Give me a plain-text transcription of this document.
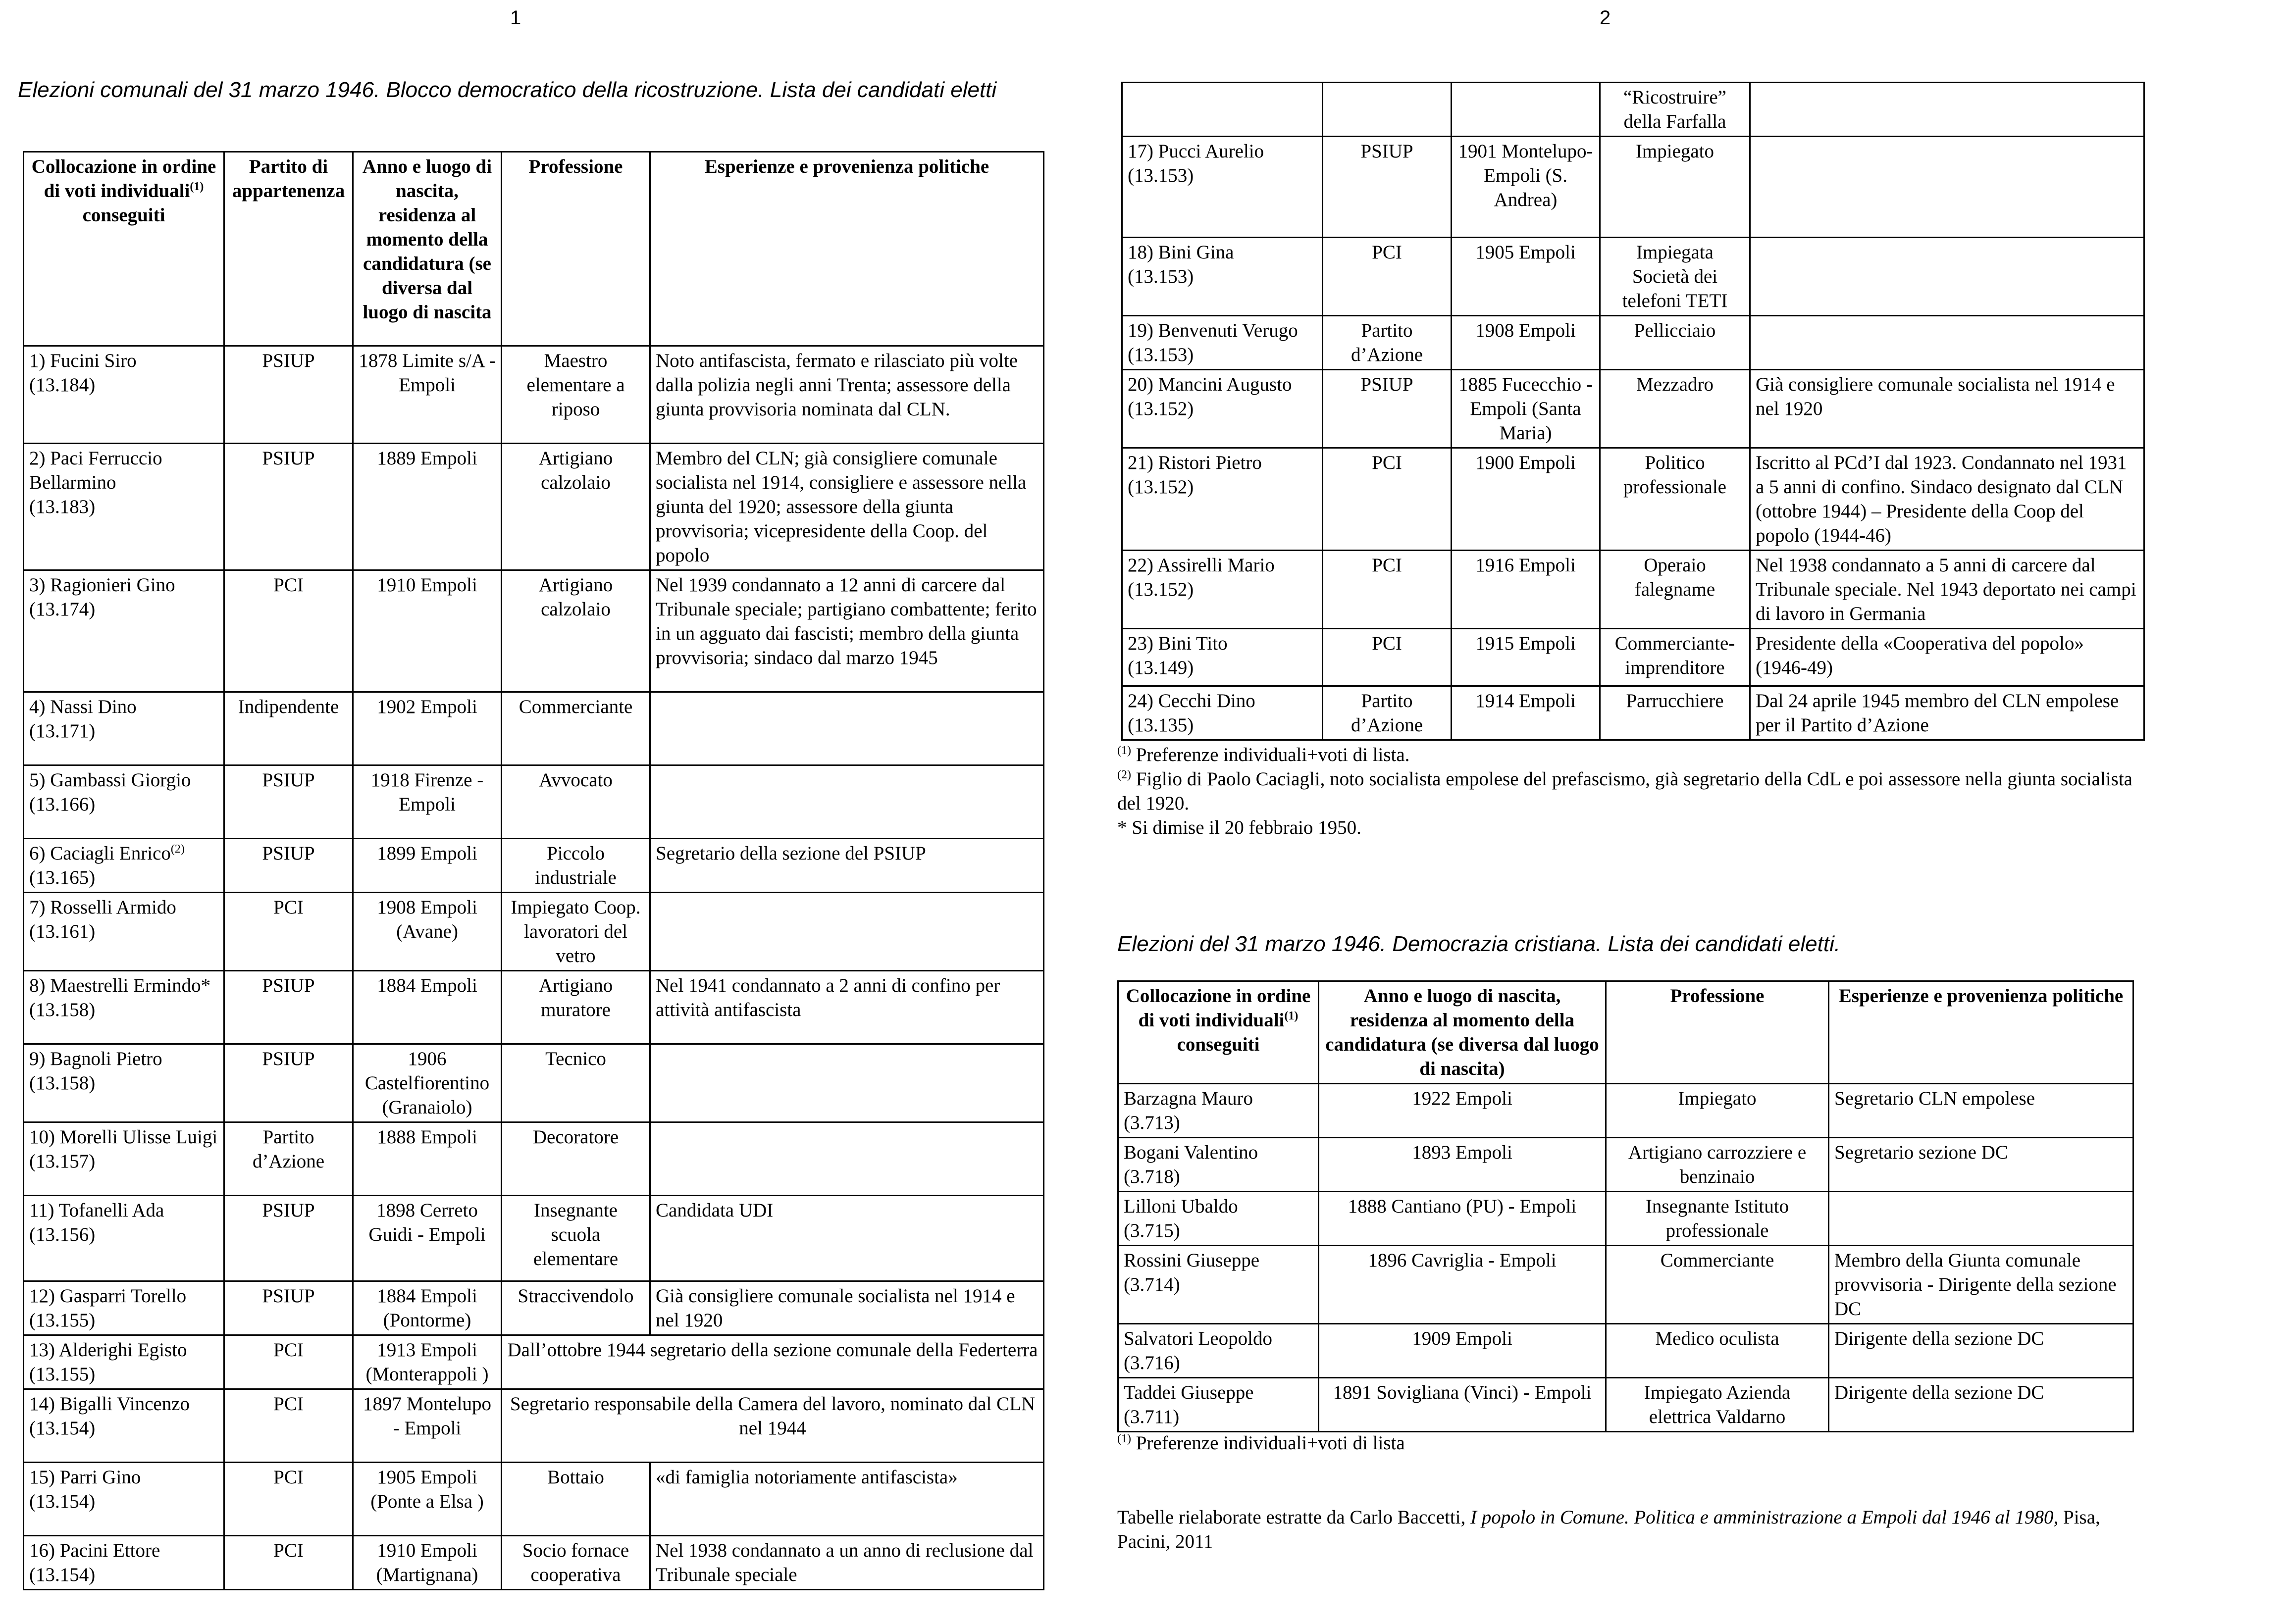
1	2
Elezioni comunali del 31 marzo 1946. Blocco democratico della ricostruzione. Lista dei candidati eletti
Collocazione in ordine di voti individuali$^{(1)}$ conseguiti	Partito di appartenenza	Anno e luogo di nascita, residenza al momento della candidatura (se diversa dal luogo di nascita	Professione	Esperienze e provenienza politiche
1) Fucini Siro
(13.184)	PSIUP	1878 Limite s/A - Empoli	Maestro elementare a riposo	Noto antifascista, fermato e rilasciato più volte dalla polizia negli anni Trenta; assessore della giunta provvisoria nominata dal CLN.
2) Paci Ferruccio Bellarmino
(13.183)	PSIUP	1889 Empoli	Artigiano calzolaio	Membro del CLN; già consigliere comunale socialista nel 1914, consigliere e assessore nella giunta del 1920; assessore della giunta provvisoria; vicepresidente della Coop. del popolo
3) Ragionieri Gino
(13.174)	PCI	1910 Empoli	Artigiano calzolaio	Nel 1939 condannato a 12 anni di carcere dal Tribunale speciale; partigiano combattente; ferito in un agguato dai fascisti; membro della giunta provvisoria; sindaco dal marzo 1945
4) Nassi Dino
(13.171)	Indipendente	1902 Empoli	Commerciante	
5) Gambassi Giorgio
(13.166)	PSIUP	1918 Firenze - Empoli	Avvocato	
6) Caciagli Enrico$^{(2)}$
(13.165)	PSIUP	1899 Empoli	Piccolo industriale	Segretario della sezione del PSIUP
7) Rosselli Armido
(13.161)	PCI	1908 Empoli (Avane)	Impiegato Coop. lavoratori del vetro	
8) Maestrelli Ermindo*
(13.158)	PSIUP	1884 Empoli	Artigiano muratore	Nel 1941 condannato a 2 anni di confino per attività antifascista
9) Bagnoli Pietro
(13.158)	PSIUP	1906 Castelfiorentino (Granaiolo)	Tecnico	
10) Morelli Ulisse Luigi
(13.157)	Partito d’Azione	1888 Empoli	Decoratore	
11) Tofanelli Ada
(13.156)	PSIUP	1898 Cerreto Guidi - Empoli	Insegnante scuola elementare	Candidata UDI
12) Gasparri Torello
(13.155)	PSIUP	1884 Empoli (Pontorme)	Straccivendolo	Già consigliere comunale socialista nel 1914 e nel 1920
13) Alderighi Egisto
(13.155)	PCI	1913 Empoli (Monterappoli )	Dall’ottobre 1944 segretario della sezione comunale della Federterra	
14) Bigalli Vincenzo
(13.154)	PCI	1897 Montelupo - Empoli	Segretario responsabile della Camera del lavoro, nominato dal CLN nel 1944	
15) Parri Gino
(13.154)	PCI	1905 Empoli (Ponte a Elsa )	Bottaio	«di famiglia notoriamente antifascista»
16) Pacini Ettore
(13.154)	PCI	1910 Empoli (Martignana)	Socio fornace cooperativa	Nel 1938 condannato a un anno di reclusione dal Tribunale speciale
			“Ricostruire” della Farfalla	
17) Pucci Aurelio
(13.153)	PSIUP	1901 Montelupo-Empoli (S. Andrea)	Impiegato	
18) Bini Gina
(13.153)	PCI	1905 Empoli	Impiegata Società dei telefoni TETI	
19) Benvenuti Verugo
(13.153)	Partito d’Azione	1908 Empoli	Pellicciaio	
20) Mancini Augusto
(13.152)	PSIUP	1885 Fucecchio - Empoli (Santa Maria)	Mezzadro	Già consigliere comunale socialista nel 1914 e nel 1920
21) Ristori Pietro
(13.152)	PCI	1900 Empoli	Politico professionale	Iscritto al PCd’I dal 1923. Condannato nel 1931 a 5 anni di confino. Sindaco designato dal CLN (ottobre 1944) – Presidente della Coop del popolo (1944-46)
22) Assirelli Mario
(13.152)	PCI	1916 Empoli	Operaio falegname	Nel 1938 condannato a 5 anni di carcere dal Tribunale speciale. Nel 1943 deportato nei campi di lavoro in Germania
23) Bini Tito
(13.149)	PCI	1915 Empoli	Commerciante-imprenditore	Presidente della «Cooperativa del popolo» (1946-49)
24) Cecchi Dino
(13.135)	Partito d’Azione	1914 Empoli	Parrucchiere	Dal 24 aprile 1945 membro del CLN empolese per il Partito d’Azione

$^{(1)}$ Preferenze individuali+voti di lista.

$^{(2)}$ Figlio di Paolo Caciagli, noto socialista empolese del prefascismo, già segretario della CdL e poi assessore nella giunta socialista del 1920.

* Si dimise il 20 febbraio 1950.

Elezioni del 31 marzo 1946. Democrazia cristiana. Lista dei candidati eletti.
Collocazione in ordine di voti individuali$^{(1)}$ conseguiti	Anno e luogo di nascita, residenza al momento della candidatura (se diversa dal luogo di nascita)	Professione	Esperienze e provenienza politiche
Barzagna Mauro
(3.713)	1922 Empoli	Impiegato	Segretario CLN empolese
Bogani Valentino
(3.718)	1893 Empoli	Artigiano carrozziere e benzinaio	Segretario sezione DC
Lilloni Ubaldo
(3.715)	1888 Cantiano (PU) - Empoli	Insegnante Istituto professionale	
Rossini Giuseppe
(3.714)	1896 Cavriglia - Empoli	Commerciante	Membro della Giunta comunale provvisoria - Dirigente della sezione DC
Salvatori Leopoldo
(3.716)	1909 Empoli	Medico oculista	Dirigente della sezione DC
Taddei Giuseppe
(3.711)	1891 Sovigliana (Vinci) - Empoli	Impiegato Azienda elettrica Valdarno	Dirigente della sezione DC

$^{(1)}$ Preferenze individuali+voti di lista

Tabelle rielaborate estratte da Carlo Baccetti, I popolo in Comune. Politica e amministrazione a Empoli dal 1946 al 1980, Pisa, Pacini, 2011
